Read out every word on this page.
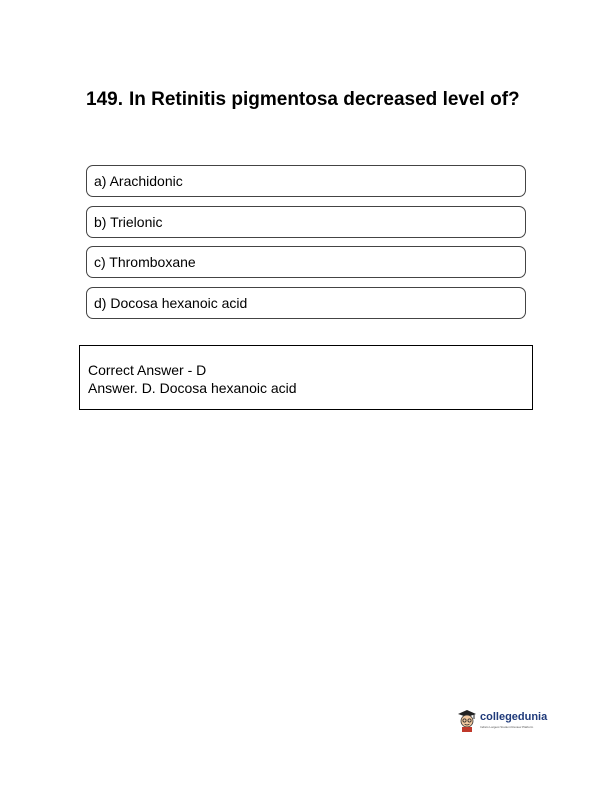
149. In Retinitis pigmentosa decreased level of?
a) Arachidonic
b) Trielonic
c) Thromboxane
d) Docosa hexanoic acid
Correct Answer - D
Answer. D. Docosa hexanoic acid
collegedunia
India's Largest Student Review Platform
